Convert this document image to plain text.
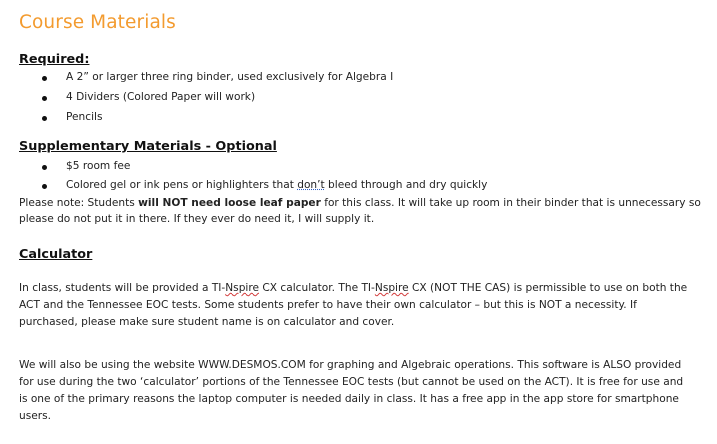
Course Materials
Required:
A 2” or larger three ring binder, used exclusively for Algebra I
4 Dividers (Colored Paper will work)
Pencils
Supplementary Materials - Optional
$5 room fee
Colored gel or ink pens or highlighters that don’t bleed through and dry quickly
Please note: Students will NOT need loose leaf paper for this class. It will take up room in their binder that is unnecessary so
please do not put it in there. If they ever do need it, I will supply it.
Calculator
In class, students will be provided a TI-Nspire CX calculator. The TI-Nspire CX (NOT THE CAS) is permissible to use on both the
ACT and the Tennessee EOC tests. Some students prefer to have their own calculator – but this is NOT a necessity. If
purchased, please make sure student name is on calculator and cover.
We will also be using the website WWW.DESMOS.COM for graphing and Algebraic operations. This software is ALSO provided
for use during the two ‘calculator’ portions of the Tennessee EOC tests (but cannot be used on the ACT). It is free for use and
is one of the primary reasons the laptop computer is needed daily in class. It has a free app in the app store for smartphone
users.
